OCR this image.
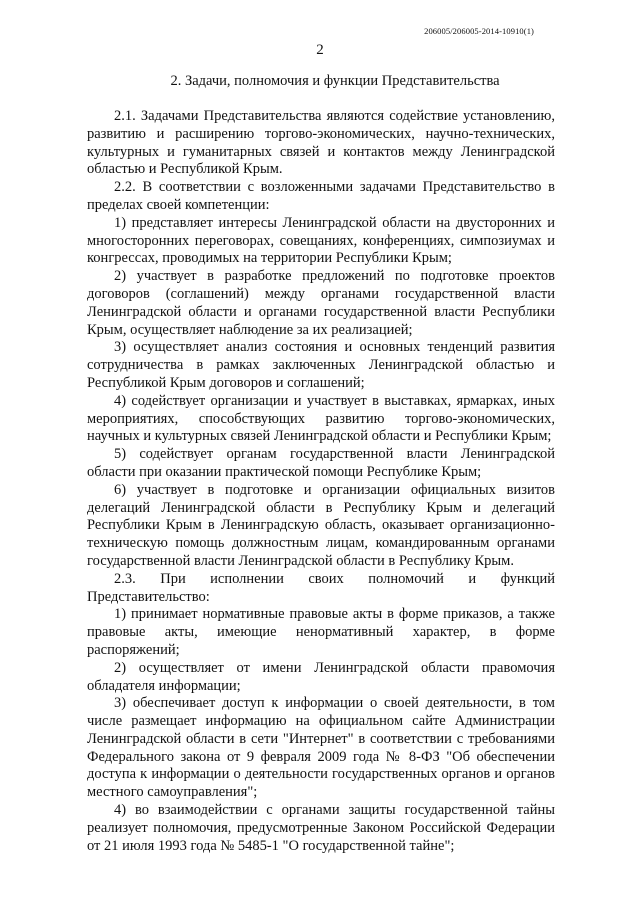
206005/206005-2014-10910(1)
2
2. Задачи, полномочия и функции Представительства

2.1. Задачами Представительства являются содействие установлению, развитию и расширению торгово-экономических, научно-технических, культурных и гуманитарных связей и контактов между Ленинградской областью и Республикой Крым.

2.2. В соответствии с возложенными задачами Представительство в пределах своей компетенции:

1) представляет интересы Ленинградской области на двусторонних и многосторонних переговорах, совещаниях, конференциях, симпозиумах и конгрессах, проводимых на территории Республики Крым;

2) участвует в разработке предложений по подготовке проектов договоров (соглашений) между органами государственной власти Ленинградской области и органами государственной власти Республики Крым, осуществляет наблюдение за их реализацией;

3) осуществляет анализ состояния и основных тенденций развития сотрудничества в рамках заключенных Ленинградской областью и Республикой Крым договоров и соглашений;

4) содействует организации и участвует в выставках, ярмарках, иных мероприятиях, способствующих развитию торгово-экономических, научных и культурных связей Ленинградской области и Республики Крым;

5) содействует органам государственной власти Ленинградской области при оказании практической помощи Республике Крым;

6) участвует в подготовке и организации официальных визитов делегаций Ленинградской области в Республику Крым и делегаций Республики Крым в Ленинградскую область, оказывает организационно-техническую помощь должностным лицам, командированным органами государственной власти Ленинградской области в Республику Крым.

2.3. При исполнении своих полномочий и функций Представительство:

1) принимает нормативные правовые акты в форме приказов, а также правовые акты, имеющие ненормативный характер, в форме распоряжений;

2) осуществляет от имени Ленинградской области правомочия обладателя информации;

3) обеспечивает доступ к информации о своей деятельности, в том числе размещает информацию на официальном сайте Администрации Ленинградской области в сети "Интернет" в соответствии с требованиями Федерального закона от 9 февраля 2009 года № 8-ФЗ "Об обеспечении доступа к информации о деятельности государственных органов и органов местного самоуправления";

4) во взаимодействии с органами защиты государственной тайны реализует полномочия, предусмотренные Законом Российской Федерации от 21 июля 1993 года № 5485-1 "О государственной тайне";
